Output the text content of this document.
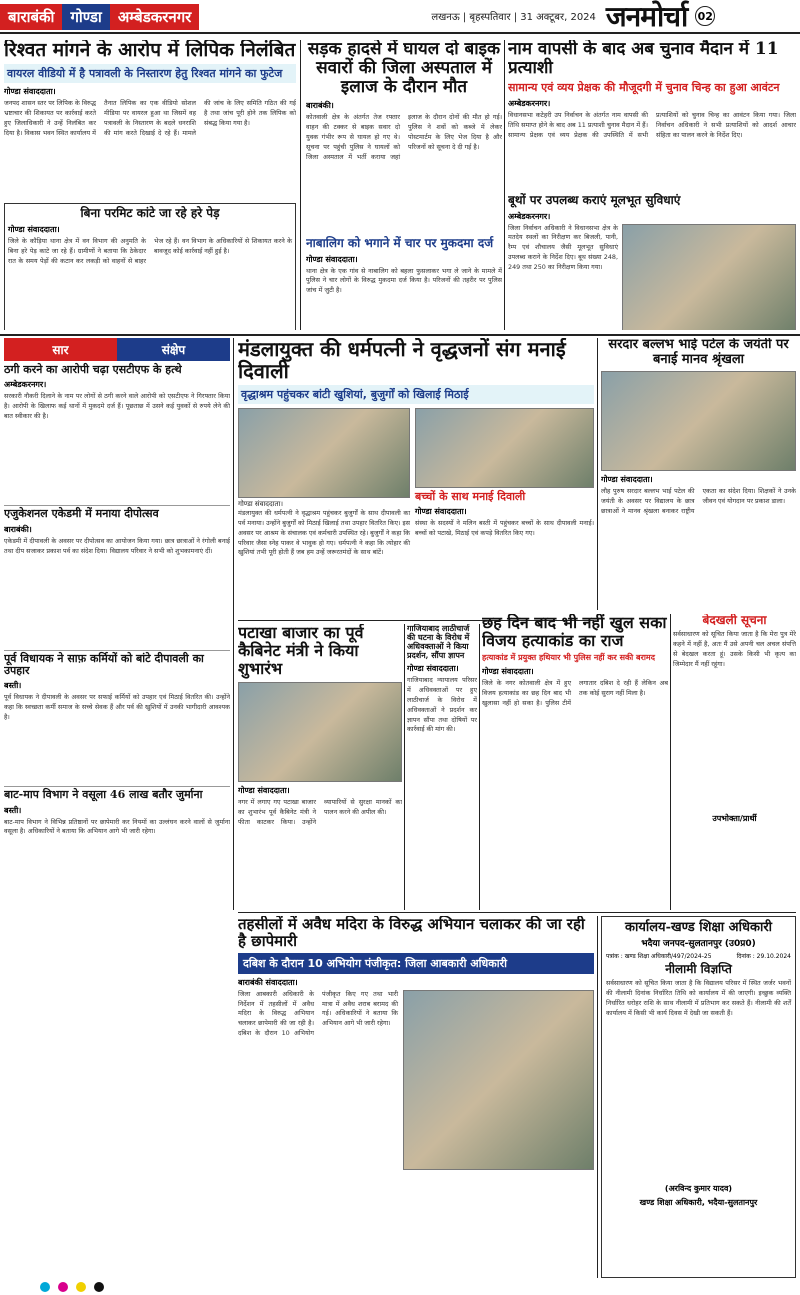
बाराबंकी	गोण्डा	अम्बेडकरनगर	लखनऊ | बृहस्पतिवार | 31 अक्टूबर, 2024 जनमोर्चा 02
रिश्वत मांगने के आरोप में लिपिक निलंबित
वायरल वीडियो में है पत्रावली के निस्तारण हेतु रिश्वत मांगने का फुटेज
गोण्डा संवाददाता।
जनपद शासन स्तर पर लिपिक के विरुद्ध भ्रष्टाचार की शिकायत पर कार्रवाई करते हुए जिलाधिकारी ने उन्हें निलंबित कर दिया है। विकास भवन स्थित कार्यालय में तैनात लिपिक का एक वीडियो सोशल मीडिया पर वायरल हुआ था जिसमें वह पत्रावली के निस्तारण के बदले धनराशि की मांग करते दिखाई दे रहे हैं। मामले की जांच के लिए समिति गठित की गई है तथा जांच पूरी होने तक लिपिक को संबद्ध किया गया है।
बिना परमिट कांटे जा रहे हरे पेड़
गोण्डा संवाददाता।
जिले के कौड़िया थाना क्षेत्र में वन विभाग की अनुमति के बिना हरे पेड़ काटे जा रहे हैं। ग्रामीणों ने बताया कि ठेकेदार रात के समय पेड़ों की कटान कर लकड़ी को वाहनों से बाहर भेज रहे हैं। वन विभाग के अधिकारियों से शिकायत करने के बावजूद कोई कार्रवाई नहीं हुई है।
सड़क हादसे में घायल दो बाइक सवारों की जिला अस्पताल में इलाज के दौरान मौत
बाराबंकी।
कोतवाली क्षेत्र के अंतर्गत तेज रफ्तार वाहन की टक्कर से बाइक सवार दो युवक गंभीर रूप से घायल हो गए थे। सूचना पर पहुंची पुलिस ने घायलों को जिला अस्पताल में भर्ती कराया जहां इलाज के दौरान दोनों की मौत हो गई। पुलिस ने शवों को कब्जे में लेकर पोस्टमार्टम के लिए भेज दिया है और परिजनों को सूचना दे दी गई है।
नाबालिग को भगाने में चार पर मुकदमा दर्ज
गोण्डा संवाददाता।
थाना क्षेत्र के एक गांव से नाबालिग को बहला फुसलाकर भगा ले जाने के मामले में पुलिस ने चार लोगों के विरुद्ध मुकदमा दर्ज किया है। परिजनों की तहरीर पर पुलिस जांच में जुटी है।
नाम वापसी के बाद अब चुनाव मैदान में 11 प्रत्याशी
सामान्य एवं व्यय प्रेक्षक की मौजूदगी में चुनाव चिन्ह का हुआ आवंटन
अम्बेडकरनगर।
विधानसभा कटेहरी उप निर्वाचन के अंतर्गत नाम वापसी की तिथि समाप्त होने के बाद अब 11 प्रत्याशी चुनाव मैदान में हैं। सामान्य प्रेक्षक एवं व्यय प्रेक्षक की उपस्थिति में सभी प्रत्याशियों को चुनाव चिन्ह का आवंटन किया गया। जिला निर्वाचन अधिकारी ने सभी प्रत्याशियों को आदर्श आचार संहिता का पालन करने के निर्देश दिए।
बूथों पर उपलब्ध कराएं मूलभूत सुविधाएं
अम्बेडकरनगर।
जिला निर्वाचन अधिकारी ने विधानसभा क्षेत्र के मतदेय स्थलों का निरीक्षण कर बिजली, पानी, रैम्प एवं शौचालय जैसी मूलभूत सुविधाएं उपलब्ध कराने के निर्देश दिए। बूथ संख्या 248, 249 तथा 250 का निरीक्षण किया गया।
सार	संक्षेप
ठगी करने का आरोपी चढ़ा एसटीएफ के हत्थे
अम्बेडकरनगर।
सरकारी नौकरी दिलाने के नाम पर लोगों से ठगी करने वाले आरोपी को एसटीएफ ने गिरफ्तार किया है। आरोपी के खिलाफ कई थानों में मुकदमे दर्ज हैं। पूछताछ में उसने कई युवकों से रुपये लेने की बात स्वीकार की है।
एजुकेशनल एकेडमी में मनाया दीपोत्सव
बाराबंकी।
एकेडमी में दीपावली के अवसर पर दीपोत्सव का आयोजन किया गया। छात्र छात्राओं ने रंगोली बनाई तथा दीप सजाकर प्रकाश पर्व का संदेश दिया। विद्यालय परिवार ने सभी को शुभकामनाएं दीं।
पूर्व विधायक ने साफ़ कर्मियों को बांटे दीपावली का उपहार
बस्ती।
पूर्व विधायक ने दीपावली के अवसर पर सफाई कर्मियों को उपहार एवं मिठाई वितरित की। उन्होंने कहा कि स्वच्छता कर्मी समाज के सच्चे सेवक हैं और पर्व की खुशियों में उनकी भागीदारी आवश्यक है।
बाट-माप विभाग ने वसूला 46 लाख बतौर जुर्माना
बस्ती।
बाट-माप विभाग ने विभिन्न प्रतिष्ठानों पर छापेमारी कर नियमों का उल्लंघन करने वालों से जुर्माना वसूला है। अधिकारियों ने बताया कि अभियान आगे भी जारी रहेगा।
मंडलायुक्त की धर्मपत्नी ने वृद्धजनों संग मनाई दिवाली
वृद्धाश्रम पहुंचकर बांटी खुशियां, बुजुर्गों को खिलाई मिठाई
गोण्डा संवाददाता।
मंडलायुक्त की धर्मपत्नी ने वृद्धाश्रम पहुंचकर बुजुर्गों के साथ दीपावली का पर्व मनाया। उन्होंने बुजुर्गों को मिठाई खिलाई तथा उपहार वितरित किए। इस अवसर पर आश्रम के संचालक एवं कर्मचारी उपस्थित रहे। बुजुर्गों ने कहा कि परिवार जैसा स्नेह पाकर वे भावुक हो गए। धर्मपत्नी ने कहा कि त्योहार की खुशियां तभी पूरी होती हैं जब हम उन्हें जरूरतमंदों के साथ बांटें।
बच्चों के साथ मनाई दिवाली
गोण्डा संवाददाता।
संस्था के सदस्यों ने मलिन बस्ती में पहुंचकर बच्चों के साथ दीपावली मनाई। बच्चों को पटाखे, मिठाई एवं कपड़े वितरित किए गए।
सरदार बल्लभ भाई पटेल के जयंती पर बनाई मानव श्रृंखला
गोण्डा संवाददाता।
लौह पुरुष सरदार बल्लभ भाई पटेल की जयंती के अवसर पर विद्यालय के छात्र छात्राओं ने मानव श्रृंखला बनाकर राष्ट्रीय एकता का संदेश दिया। शिक्षकों ने उनके जीवन एवं योगदान पर प्रकाश डाला।
पटाखा बाजार का पूर्व कैबिनेट मंत्री ने किया शुभारंभ
गोण्डा संवाददाता।
नगर में लगाए गए पटाखा बाजार का शुभारंभ पूर्व कैबिनेट मंत्री ने फीता काटकर किया। उन्होंने व्यापारियों से सुरक्षा मानकों का पालन करने की अपील की।
गाजियाबाद लाठीचार्ज की घटना के विरोध में अधिवक्ताओं ने किया प्रदर्शन, सौंपा ज्ञापन
गोण्डा संवाददाता।
गाजियाबाद न्यायालय परिसर में अधिवक्ताओं पर हुए लाठीचार्ज के विरोध में अधिवक्ताओं ने प्रदर्शन कर ज्ञापन सौंपा तथा दोषियों पर कार्रवाई की मांग की।
छह दिन बाद भी नहीं खुल सका विजय हत्याकांड का राज
हत्याकांड में प्रयुक्त हथियार भी पुलिस नहीं कर सकी बरामद
गोण्डा संवाददाता।
जिले के नगर कोतवाली क्षेत्र में हुए विजय हत्याकांड का छह दिन बाद भी खुलासा नहीं हो सका है। पुलिस टीमें लगातार दबिश दे रही हैं लेकिन अब तक कोई सुराग नहीं मिला है।
बेदखली सूचना
सर्वसाधारण को सूचित किया जाता है कि मेरा पुत्र मेरे कहने में नहीं है, अतः मैं उसे अपनी चल अचल संपत्ति से बेदखल करता हूं। उसके किसी भी कृत्य का जिम्मेदार मैं नहीं रहूंगा।
उपभोक्ता/प्रार्थी
तहसीलों में अवैध मदिरा के विरुद्ध अभियान चलाकर की जा रही है छापेमारी
दबिश के दौरान 10 अभियोग पंजीकृत: जिला आबकारी अधिकारी
बाराबंकी संवाददाता।
जिला आबकारी अधिकारी के निर्देशन में तहसीलों में अवैध मदिरा के विरुद्ध अभियान चलाकर छापेमारी की जा रही है। दबिश के दौरान 10 अभियोग पंजीकृत किए गए तथा भारी मात्रा में अवैध शराब बरामद की गई। अधिकारियों ने बताया कि अभियान आगे भी जारी रहेगा।
कार्यालय-खण्ड शिक्षा अधिकारी
भदैया जनपद-सुलतानपुर (उ0प्र0)
पत्रांक : खण्ड शिक्षा अधिकारी/497/2024-25	दिनांक : 29.10.2024
नीलामी विज्ञप्ति
सर्वसाधारण को सूचित किया जाता है कि विद्यालय परिसर में स्थित जर्जर भवनों की नीलामी दिनांक निर्धारित तिथि को कार्यालय में की जाएगी। इच्छुक व्यक्ति निर्धारित धरोहर राशि के साथ नीलामी में प्रतिभाग कर सकते हैं। नीलामी की शर्तें कार्यालय में किसी भी कार्य दिवस में देखी जा सकती हैं।
(अरविन्द कुमार यादव)
खण्ड शिक्षा अधिकारी, भदैया-सुलतानपुर
